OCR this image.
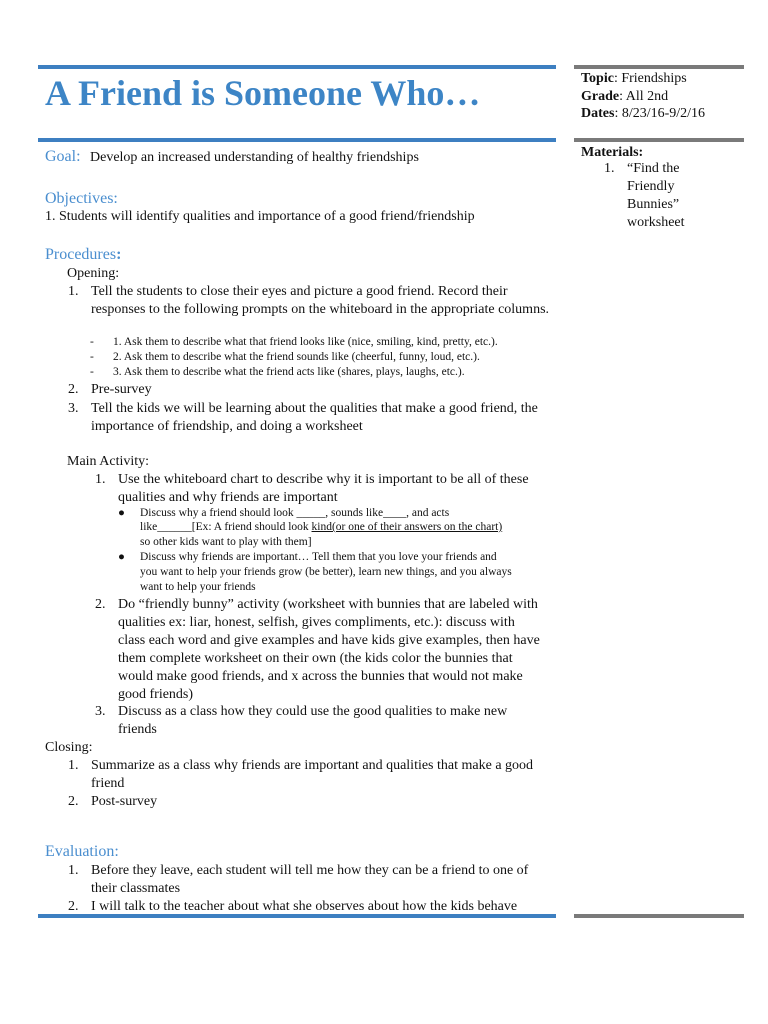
A Friend is Someone Who…	Topic: Friendships
Grade: All 2nd
Dates: 8/23/16-9/2/16
Materials:
1. “Find the Friendly Bunnies” worksheet
Goal: Develop an increased understanding of healthy friendships
Objectives:
1. Students will identify qualities and importance of a good friend/friendship
Procedures:
Opening:
1. Tell the students to close their eyes and picture a good friend. Record their responses to the following prompts on the whiteboard in the appropriate columns.
- 1. Ask them to describe what that friend looks like (nice, smiling, kind, pretty, etc.).
- 2. Ask them to describe what the friend sounds like (cheerful, funny, loud, etc.).
- 3. Ask them to describe what the friend acts like (shares, plays, laughs, etc.).
2. Pre-survey
3. Tell the kids we will be learning about the qualities that make a good friend, the importance of friendship, and doing a worksheet
Main Activity:
1. Use the whiteboard chart to describe why it is important to be all of these qualities and why friends are important
● Discuss why a friend should look _____, sounds like____, and acts
like______[Ex: A friend should look kind(or one of their answers on the chart)
so other kids want to play with them]
● Discuss why friends are important… Tell them that you love your friends and
you want to help your friends grow (be better), learn new things, and you always
want to help your friends
2. Do “friendly bunny” activity (worksheet with bunnies that are labeled with qualities ex: liar, honest, selfish, gives compliments, etc.): discuss with class each word and give examples and have kids give examples, then have them complete worksheet on their own (the kids color the bunnies that would make good friends, and x across the bunnies that would not make good friends)
3. Discuss as a class how they could use the good qualities to make new friends
Closing:
1. Summarize as a class why friends are important and qualities that make a good friend
2. Post-survey
Evaluation:
1. Before they leave, each student will tell me how they can be a friend to one of their classmates
2. I will talk to the teacher about what she observes about how the kids behave
